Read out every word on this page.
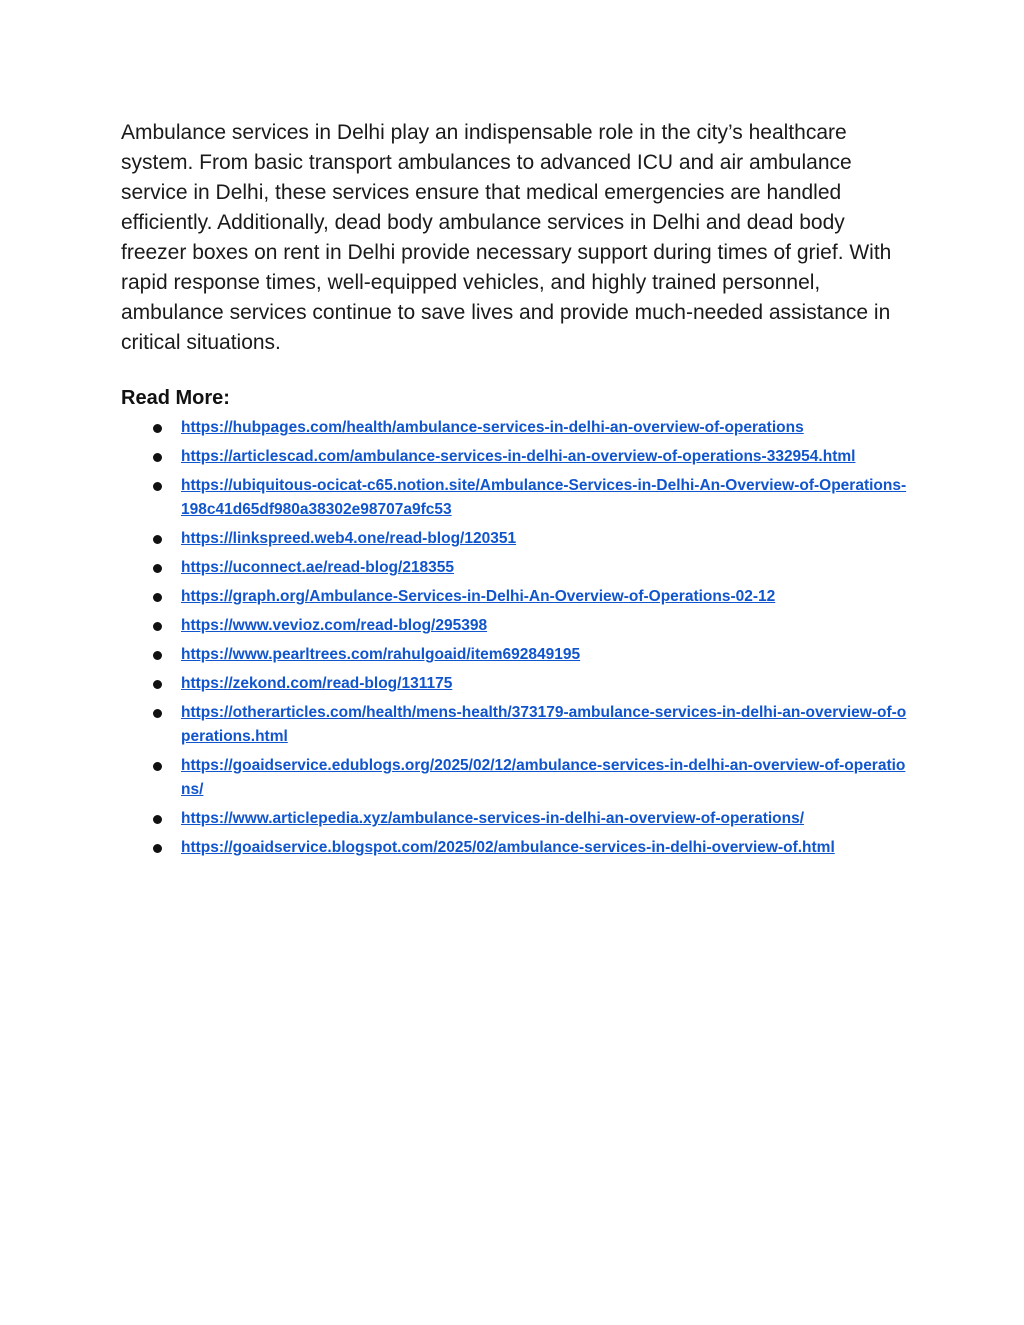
Ambulance services in Delhi play an indispensable role in the city’s healthcare system. From basic transport ambulances to advanced ICU and air ambulance service in Delhi, these services ensure that medical emergencies are handled efficiently. Additionally, dead body ambulance services in Delhi and dead body freezer boxes on rent in Delhi provide necessary support during times of grief. With rapid response times, well-equipped vehicles, and highly trained personnel, ambulance services continue to save lives and provide much-needed assistance in critical situations.

Read More:
https://hubpages.com/health/ambulance-services-in-delhi-an-overview-of-operations
https://articlescad.com/ambulance-services-in-delhi-an-overview-of-operations-332954.html
https://ubiquitous-ocicat-c65.notion.site/Ambulance-Services-in-Delhi-An-Overview-of-Operations-198c41d65df980a38302e98707a9fc53
https://linkspreed.web4.one/read-blog/120351
https://uconnect.ae/read-blog/218355
https://graph.org/Ambulance-Services-in-Delhi-An-Overview-of-Operations-02-12
https://www.vevioz.com/read-blog/295398
https://www.pearltrees.com/rahulgoaid/item692849195
https://zekond.com/read-blog/131175
https://otherarticles.com/health/mens-health/373179-ambulance-services-in-delhi-an-overview-of-operations.html
https://goaidservice.edublogs.org/2025/02/12/ambulance-services-in-delhi-an-overview-of-operations/
https://www.articlepedia.xyz/ambulance-services-in-delhi-an-overview-of-operations/
https://goaidservice.blogspot.com/2025/02/ambulance-services-in-delhi-overview-of.html
